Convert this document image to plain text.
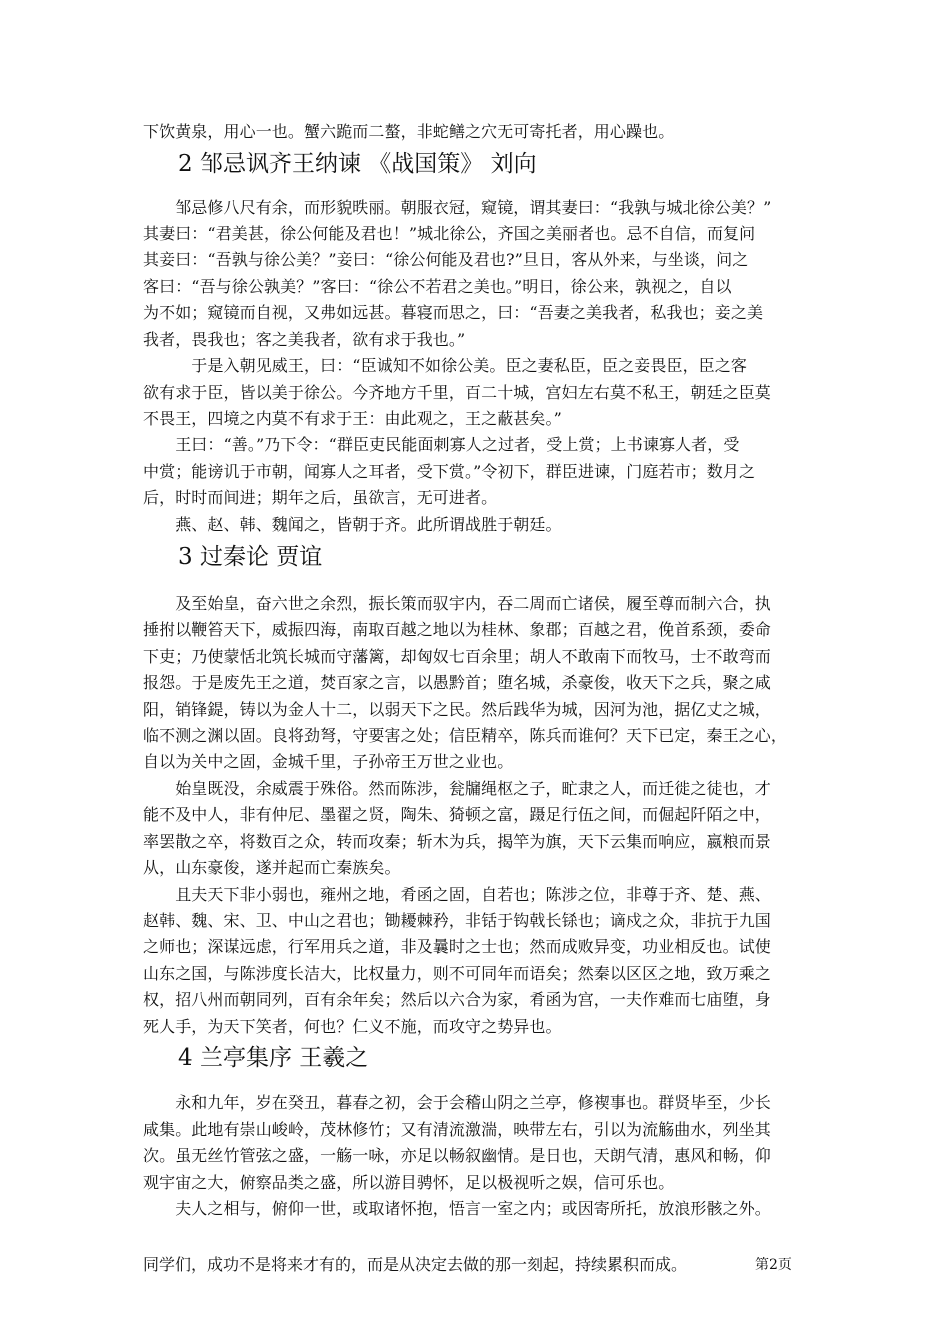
下饮黄泉，用心一也。蟹六跪而二螯，非蛇鳝之穴无可寄托者，用心躁也。
2 邹忌讽齐王纳谏 《战国策》 刘向
　　邹忌修八尺有余，而形貌昳丽。朝服衣冠，窥镜，谓其妻曰：“我孰与城北徐公美？”
其妻曰：“君美甚，徐公何能及君也！”城北徐公，齐国之美丽者也。忌不自信，而复问
其妾曰：“吾孰与徐公美？”妾曰：“徐公何能及君也?”旦日，客从外来，与坐谈，问之
客曰：“吾与徐公孰美？”客曰：“徐公不若君之美也。”明日，徐公来，孰视之，自以
为不如；窥镜而自视，又弗如远甚。暮寝而思之，曰：“吾妻之美我者，私我也；妾之美
我者，畏我也；客之美我者，欲有求于我也。”
　　　于是入朝见威王，曰：“臣诚知不如徐公美。臣之妻私臣，臣之妾畏臣，臣之客
欲有求于臣，皆以美于徐公。今齐地方千里，百二十城，宫妇左右莫不私王，朝廷之臣莫
不畏王，四境之内莫不有求于王：由此观之，王之蔽甚矣。”
　　王曰：“善。”乃下令：“群臣吏民能面刺寡人之过者，受上赏；上书谏寡人者，受
中赏；能谤讥于市朝，闻寡人之耳者，受下赏。”令初下，群臣进谏，门庭若市；数月之
后，时时而间进；期年之后，虽欲言，无可进者。
　　燕、赵、韩、魏闻之，皆朝于齐。此所谓战胜于朝廷。
3 过秦论 贾谊
　　及至始皇，奋六世之余烈，振长策而驭宇内，吞二周而亡诸侯，履至尊而制六合，执
捶拊以鞭笞天下，威振四海，南取百越之地以为桂林、象郡；百越之君，俛首系颈，委命
下吏；乃使蒙恬北筑长城而守藩篱，却匈奴七百余里；胡人不敢南下而牧马，士不敢弯而
报怨。于是废先王之道，焚百家之言，以愚黔首；堕名城，杀豪俊，收天下之兵，聚之咸
阳，销锋鍉，铸以为金人十二，以弱天下之民。然后践华为城，因河为池，据亿丈之城，
临不测之渊以固。良将劲弩，守要害之处；信臣精卒，陈兵而谁何？天下已定，秦王之心，
自以为关中之固，金城千里，子孙帝王万世之业也。
　　始皇既没，余威震于殊俗。然而陈涉，瓮牖绳枢之子，甿隶之人，而迁徙之徒也，才
能不及中人，非有仲尼、墨翟之贤，陶朱、猗顿之富，蹑足行伍之间，而倔起阡陌之中，
率罢散之卒，将数百之众，转而攻秦；斩木为兵，揭竿为旗，天下云集而响应，嬴粮而景
从，山东豪俊，遂并起而亡秦族矣。
　　且夫天下非小弱也，雍州之地，肴函之固，自若也；陈涉之位，非尊于齐、楚、燕、
赵韩、魏、宋、卫、中山之君也；锄耰棘矜，非铦于钩戟长铩也；谪戍之众，非抗于九国
之师也；深谋远虑，行军用兵之道，非及曩时之士也；然而成败异变，功业相反也。试使
山东之国，与陈涉度长洁大，比权量力，则不可同年而语矣；然秦以区区之地，致万乘之
权，招八州而朝同列，百有余年矣；然后以六合为家，肴函为宫，一夫作难而七庙堕，身
死人手，为天下笑者，何也？仁义不施，而攻守之势异也。
4 兰亭集序 王羲之
　　永和九年，岁在癸丑，暮春之初，会于会稽山阴之兰亭，修褉事也。群贤毕至，少长
咸集。此地有崇山峻岭，茂林修竹；又有清流激湍，映带左右，引以为流觞曲水，列坐其
次。虽无丝竹管弦之盛，一觞一咏，亦足以畅叙幽情。是日也，天朗气清，惠风和畅，仰
观宇宙之大，俯察品类之盛，所以游目骋怀，足以极视听之娱，信可乐也。
　　夫人之相与，俯仰一世，或取诸怀抱，悟言一室之内；或因寄所托，放浪形骸之外。
同学们，成功不是将来才有的，而是从决定去做的那一刻起，持续累积而成。	第2页
